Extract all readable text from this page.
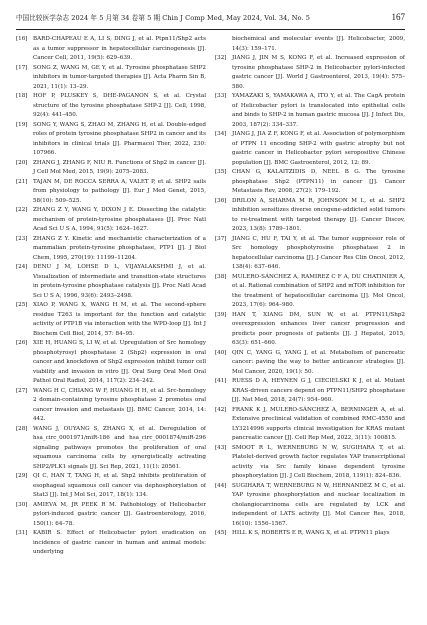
中国比较医学杂志 2024 年 5 月第 34 卷第 5 期 Chin J Comp Med, May 2024, Vol. 34, No. 5	167
[16] BARD-CHAPEAU E A, LI S, DING J, et al. Ptpn11/Shp2 acts as a tumor suppressor in hepatocellular carcinogenesis [J]. Cancer Cell, 2011, 19(5): 629–639.
[17] SONG Z, WANG M, GE Y, et al. Tyrosine phosphatase SHP2 inhibitors in tumor-targeted therapies [J]. Acta Pharm Sin B, 2021, 11(1): 13–29.
[18] HOF P, PLUSKEY S, DHE-PAGANON S, et al. Crystal structure of the tyrosine phosphatase SHP-2 [J]. Cell, 1998, 92(4): 441–450.
[19] SONG Y, WANG S, ZHAO M, ZHANG H, et al. Double-edged roles of protein tyrosine phosphatase SHP2 in cancer and its inhibitors in clinical trials [J]. Pharmacol Ther, 2022, 230: 107966.
[20] ZHANG J, ZHANG F, NIU R. Functions of Shp2 in cancer [J]. J Cell Mol Med, 2015, 19(9): 2075–2083.
[21] TAJAN M, DE ROCCA SERRA A, VALET P, et al. SHP2 sails from physiology to pathology [J]. Eur J Med Genet, 2015, 58(10): 509–525.
[22] ZHANG Z Y, WANG Y, DIXON J E. Dissecting the catalytic mechanism of protein-tyrosine phosphatases [J]. Proc Natl Acad Sci U S A, 1994, 91(5): 1624–1627.
[23] ZHANG Z Y. Kinetic and mechanistic characterization of a mammalian protein-tyrosine phosphatase, PTP1 [J]. J Biol Chem, 1995, 270(19): 11199–11204.
[24] DENU J M, LOHSE D L, VIJAYALAKSHMI J, et al. Visualization of intermediate and transition-state structures in protein-tyrosine phosphatase catalysis [J]. Proc Natl Acad Sci U S A, 1996, 93(6): 2493–2498.
[25] XIAO P, WANG X, WANG H M, et al. The second-sphere residue T263 is important for the function and catalytic activity of PTP1B via interaction with the WPD-loop [J]. Int J Biochem Cell Biol, 2014, 57: 84–95.
[26] XIE H, HUANG S, LI W, et al. Upregulation of Src homology phosphotyrosyl phosphatase 2 (Shp2) expression in oral cancer and knockdown of Shp2 expression inhibit tumor cell viability and invasion in vitro [J]. Oral Surg Oral Med Oral Pathol Oral Radiol, 2014, 117(2): 234–242.
[27] WANG H C, CHIANG W F, HUANG H H, et al. Src-homology 2 domain-containing tyrosine phosphatase 2 promotes oral cancer invasion and metastasis [J]. BMC Cancer, 2014, 14: 442.
[28] WANG J, OUYANG S, ZHANG X, et al. Deregulation of hsa_circ_0001971/miR-186 and hsa_circ_0001874/miR-296 signaling pathways promotes the proliferation of oral squamous carcinoma cells by synergistically activating SHP2/PLK1 signals [J]. Sci Rep, 2021, 11(1): 20561.
[29] QI C, HAN T, TANG H, et al. Shp2 inhibits proliferation of esophageal squamous cell cancer via dephosphorylation of Stat3 [J]. Int J Mol Sci, 2017, 18(1): 134.
[30] AMIEVA M, JR PEEK R M. Pathobiology of Helicobacter pylori-induced gastric cancer [J]. Gastroenterology, 2016, 150(1): 64–78.
[31] KABIR S. Effect of Helicobacter pylori eradication on incidence of gastric cancer in human and animal models: underlying
biochemical and molecular events [J]. Helicobacter, 2009, 14(3): 159–171.
[32] JIANG J, JIN M S, KONG F, et al. Increased expression of tyrosine phosphatase SHP-2 in Helicobacter pylori-infected gastric cancer [J]. World J Gastroenterol, 2013, 19(4): 575–580.
[33] YAMAZAKI S, YAMAKAWA A, ITO Y, et al. The CagA protein of Helicobacter pylori is translocated into epithelial cells and binds to SHP-2 in human gastric mucosa [J]. J Infect Dis, 2003, 187(2): 334–337.
[34] JIANG J, JIA Z F, KONG F, et al. Association of polymorphism of PTPN 11 encoding SHP-2 with gastric atrophy but not gastric cancer in Helicobacter pylori seropositive Chinese population [J]. BMC Gastroenterol, 2012, 12: 89.
[35] CHAN G, KALAITZIDIS D, NEEL B G. The tyrosine phosphatase Shp2 (PTPN11) in cancer [J]. Cancer Metastasis Rev, 2008, 27(2): 179–192.
[36] DRILON A, SHARMA M R, JOHNSON M L, et al. SHP2 inhibition sensitizes diverse oncogene-addicted solid tumors to re-treatment with targeted therapy [J]. Cancer Discov, 2023, 13(8): 1789–1801.
[37] JIANG C, HU F, TAI Y, et al. The tumor suppressor role of Src homology phosphotyrosine phosphatase 2 in hepatocellular carcinoma [J]. J Cancer Res Clin Oncol, 2012, 138(4): 637–646.
[38] MULERO-SÁNCHEZ A, RAMIREZ C F A, DU CHATINIER A, et al. Rational combination of SHP2 and mTOR inhibition for the treatment of hepatocellular carcinoma [J]. Mol Oncol, 2023, 17(6): 964–980.
[39] HAN T, XIANG DM, SUN W, et al. PTPN11/Shp2 overexpression enhances liver cancer progression and predicts poor prognosis of patients [J]. J Hepatol, 2015, 63(3): 651–660.
[40] QIN C, YANG G, YANG J, et al. Metabolism of pancreatic cancer: paving the way to better anticancer strategies [J]. Mol Cancer, 2020, 19(1): 50.
[41] RUESS D A, HEYNEN G J, CIECIELSKI K J, et al. Mutant KRAS-driven cancers depend on PTPN11/SHP2 phosphatase [J]. Nat Med, 2018, 24(7): 954–960.
[42] FRANK K J, MULERO-SÁNCHEZ A, BERNINGER A, et al. Extensive preclinical validation of combined RMC-4550 and LY3214996 supports clinical investigation for KRAS mutant pancreatic cancer [J]. Cell Rep Med, 2022, 3(11): 100815.
[43] SMOOT R L, WERNEBURG N W, SUGIHARA T, et al. Platelet-derived growth factor regulates YAP transcriptional activity via Src family kinase dependent tyrosine phosphorylation [J]. J Cell Biochem, 2018, 119(1): 824–836.
[44] SUGIHARA T, WERNEBURG N W, HERNANDEZ M C, et al. YAP tyrosine phosphorylation and nuclear localization in cholangiocarcinoma cells are regulated by LCK and independent of LATS activity [J]. Mol Cancer Res, 2018, 16(10): 1556–1567.
[45] HILL K S, ROBERTS E R, WANG X, et al. PTPN11 plays
